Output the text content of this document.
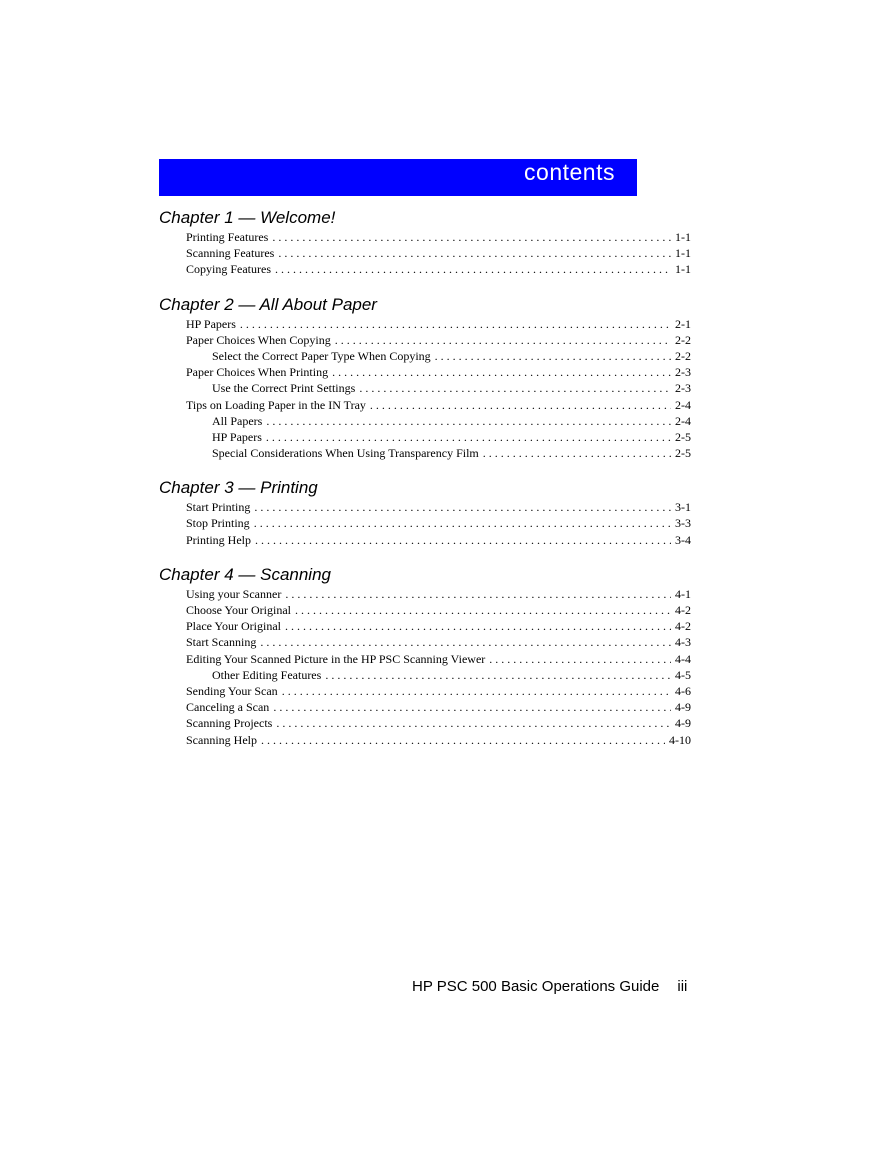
contents
Chapter 1 — Welcome!
Printing Features . . .	1-1
Scanning Features . . .	1-1
Copying Features . . .	1-1
Chapter 2 — All About Paper
HP Papers . . .	2-1
Paper Choices When Copying . . .	2-2
Select the Correct Paper Type When Copying . . .	2-2
Paper Choices When Printing . . .	2-3
Use the Correct Print Settings . . .	2-3
Tips on Loading Paper in the IN Tray . . .	2-4
All Papers . . .	2-4
HP Papers . . .	2-5
Special Considerations When Using Transparency Film . . .	2-5
Chapter 3 — Printing
Start Printing . . .	3-1
Stop Printing . . .	3-3
Printing Help . . .	3-4
Chapter 4 — Scanning
Using your Scanner . . .	4-1
Choose Your Original . . .	4-2
Place Your Original . . .	4-2
Start Scanning . . .	4-3
Editing Your Scanned Picture in the HP PSC Scanning Viewer . . .	4-4
Other Editing Features . . .	4-5
Sending Your Scan . . .	4-6
Canceling a Scan . . .	4-9
Scanning Projects . . .	4-9
Scanning Help . . .	4-10
HP PSC 500 Basic Operations Guide iii
